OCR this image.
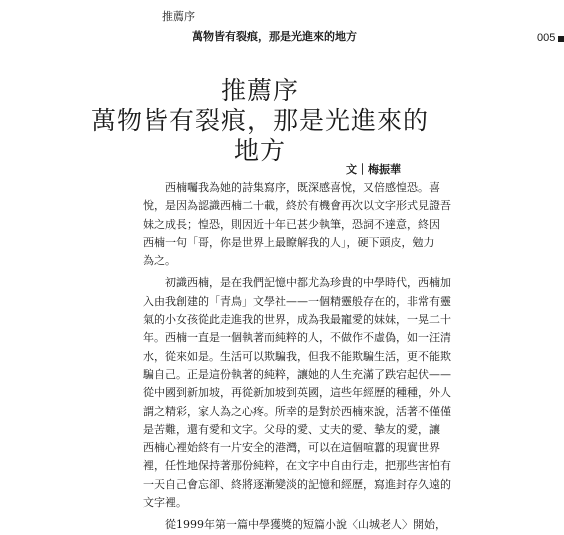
推薦序
萬物皆有裂痕，那是光進來的地方	005
推薦序
萬物皆有裂痕，那是光進來的地方
文｜梅振華
西楠囑我為她的詩集寫序，既深感喜悅，又倍感惶恐。喜
悅，是因為認識西楠二十載，終於有機會再次以文字形式見證吾
妹之成長；惶恐，則因近十年已甚少執筆，恐詞不達意，終因
西楠一句「哥，你是世界上最瞭解我的人」，硬下頭皮，勉力
為之。
初識西楠，是在我們記憶中都尤為珍貴的中學時代，西楠加
入由我創建的「青鳥」文學社——一個精靈般存在的，非常有靈
氣的小女孩從此走進我的世界，成為我最寵愛的妹妹，一晃二十
年。西楠一直是一個執著而純粹的人，不做作不虛偽，如一汪清
水，從來如是。生活可以欺騙我，但我不能欺騙生活，更不能欺
騙自己。正是這份執著的純粹，讓她的人生充滿了跌宕起伏——
從中國到新加坡，再從新加坡到英國，這些年經歷的種種，外人
謂之精彩，家人為之心疼。所幸的是對於西楠來說，活著不僅僅
是苦難，還有愛和文字。父母的愛、丈夫的愛、摯友的愛，讓
西楠心裡始終有一片安全的港灣，可以在這個喧囂的現實世界
裡，任性地保持著那份純粹，在文字中自由行走，把那些害怕有
一天自己會忘卻、終將逐漸變淡的記憶和經歷，寫進封存久遠的
文字裡。
從1999年第一篇中學獲獎的短篇小說〈山城老人〉開始，
